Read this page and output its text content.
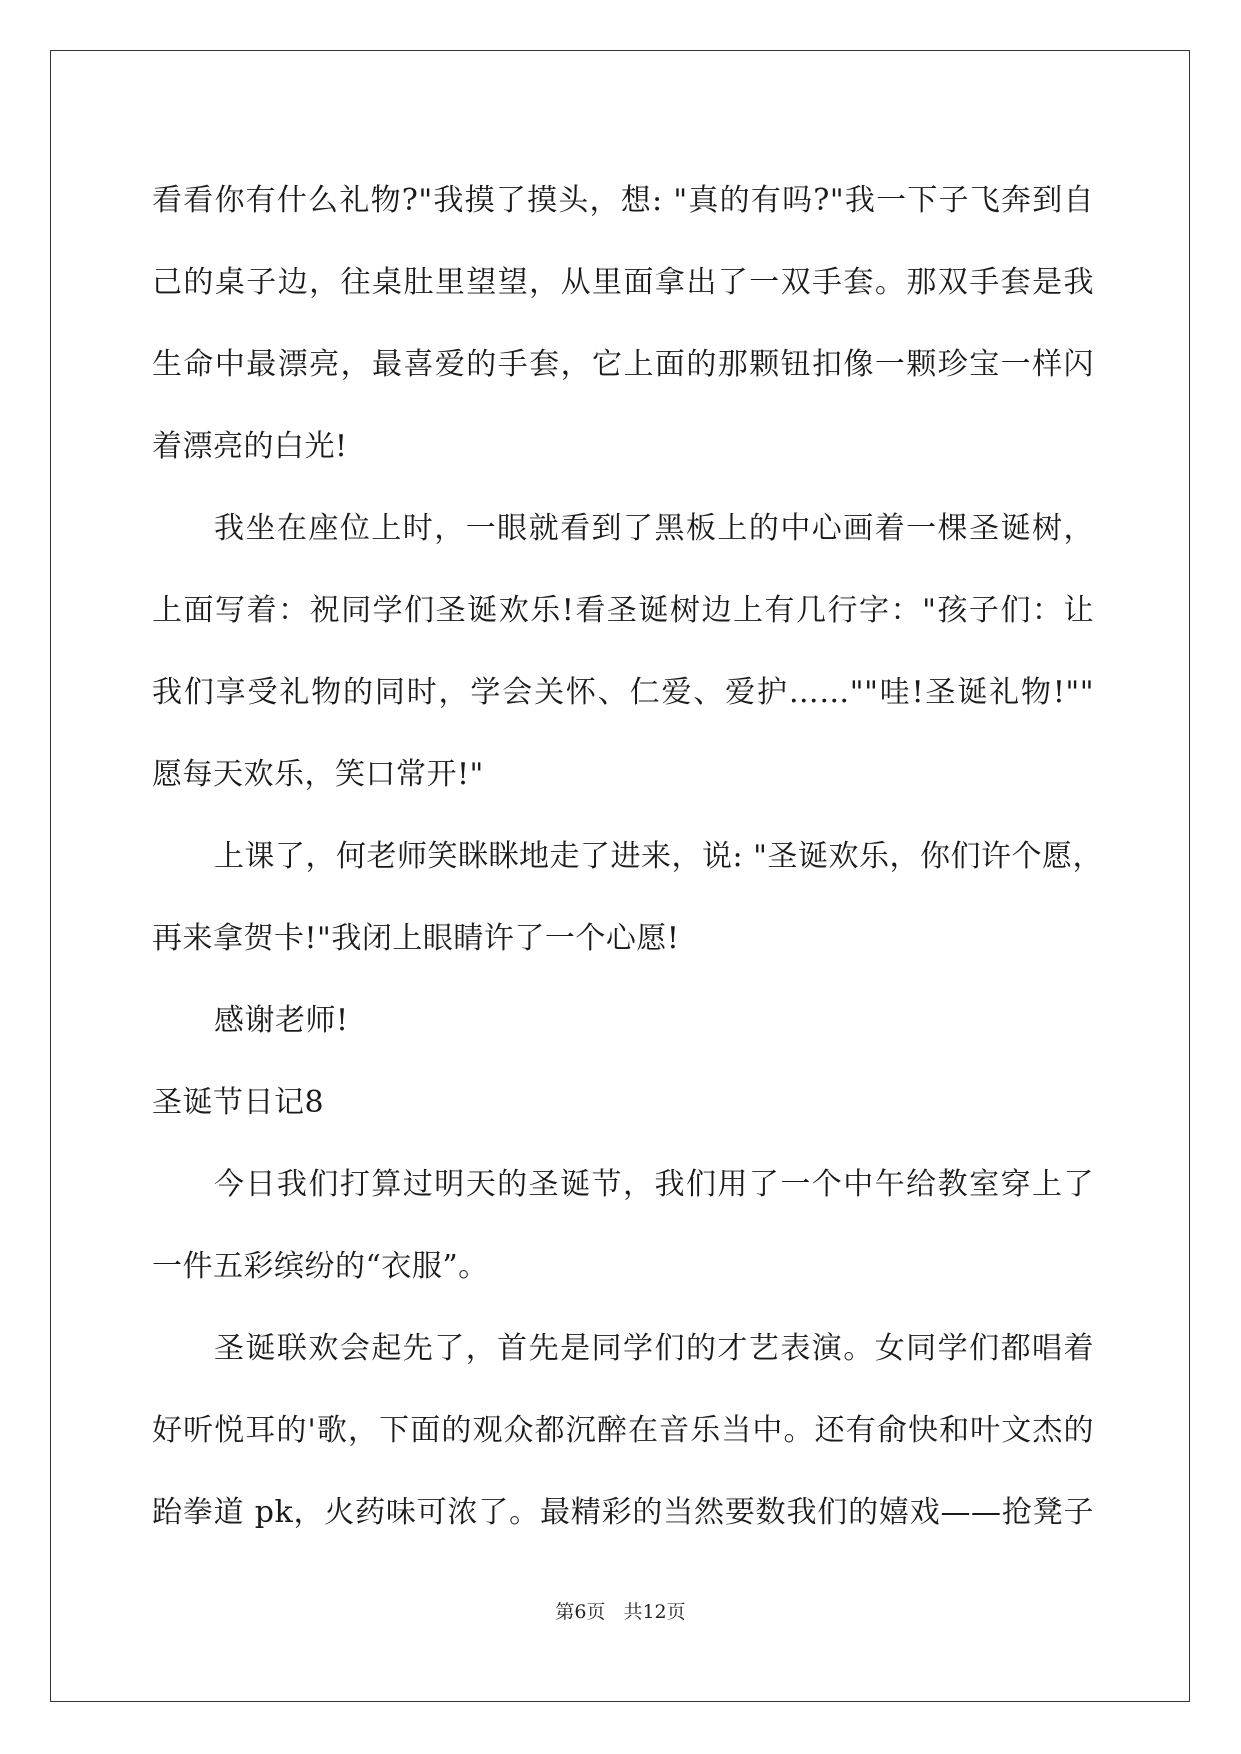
看看你有什么礼物?"我摸了摸头，想: "真的有吗?"我一下子飞奔到自
己的桌子边，往桌肚里望望，从里面拿出了一双手套。那双手套是我
生命中最漂亮，最喜爱的手套，它上面的那颗钮扣像一颗珍宝一样闪
着漂亮的白光!
我坐在座位上时，一眼就看到了黑板上的中心画着一棵圣诞树，
上面写着：祝同学们圣诞欢乐!看圣诞树边上有几行字："孩子们：让
我们享受礼物的同时，学会关怀、仁爱、爱护……""哇!圣诞礼物!""
愿每天欢乐，笑口常开!"
上课了，何老师笑眯眯地走了进来，说: "圣诞欢乐，你们许个愿，
再来拿贺卡!"我闭上眼睛许了一个心愿!
感谢老师!
圣诞节日记8
今日我们打算过明天的圣诞节，我们用了一个中午给教室穿上了
一件五彩缤纷的“衣服”。
圣诞联欢会起先了，首先是同学们的才艺表演。女同学们都唱着
好听悦耳的'歌，下面的观众都沉醉在音乐当中。还有俞快和叶文杰的
跆拳道 pk，火药味可浓了。最精彩的当然要数我们的嬉戏——抢凳子
第6页 共12页
